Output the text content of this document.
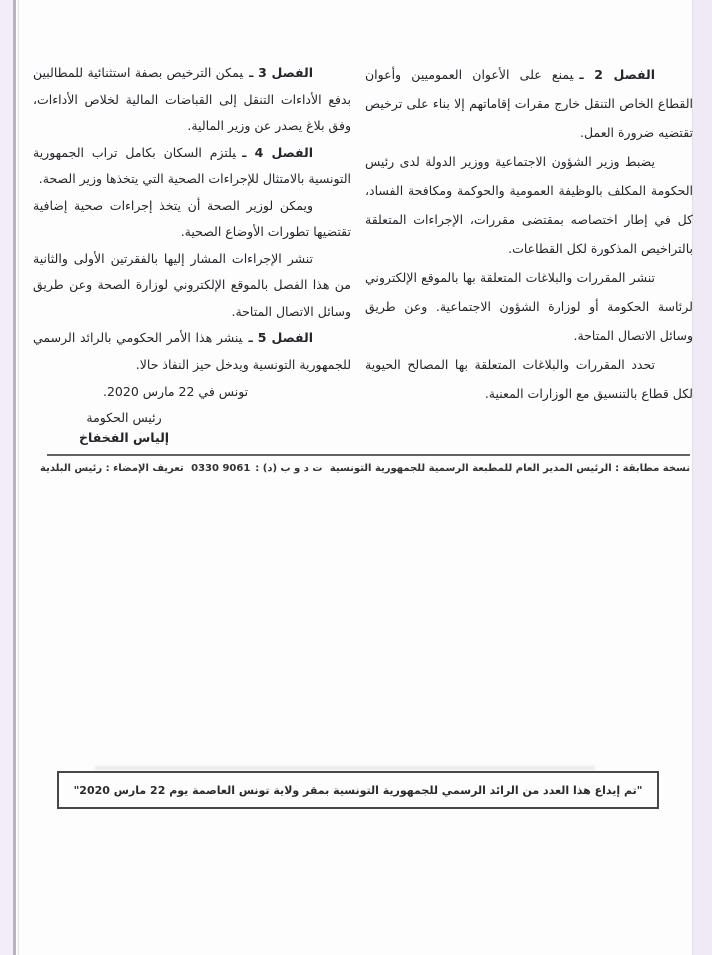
الفصل 2 ـيمنع على الأعوان العموميين وأعوان القطاع الخاص التنقل خارج مقرات إقاماتهم إلا بناء على ترخيص تقتضيه ضرورة العمل.

يضبط وزير الشؤون الاجتماعية ووزير الدولة لدى رئيس الحكومة المكلف بالوظيفة العمومية والحوكمة ومكافحة الفساد، كل في إطار اختصاصه بمقتضى مقررات، الإجراءات المتعلقة بالتراخيص المذكورة لكل القطاعات.

تنشر المقررات والبلاغات المتعلقة بها بالموقع الإلكتروني لرئاسة الحكومة أو لوزارة الشؤون الاجتماعية. وعن طريق وسائل الاتصال المتاحة.

تحدد المقررات والبلاغات المتعلقة بها المصالح الحيوية لكل قطاع بالتنسيق مع الوزارات المعنية.

الفصل 3 ـيمكن الترخيص بصفة استثنائية للمطالبين بدفع الأداءات التنقل إلى القباضات المالية لخلاص الأداءات، وفق بلاغ يصدر عن وزير المالية.

الفصل 4 ـيلتزم السكان بكامل تراب الجمهورية التونسية بالامتثال للإجراءات الصحية التي يتخذها وزير الصحة.

ويمكن لوزير الصحة أن يتخذ إجراءات صحية إضافية تقتضيها تطورات الأوضاع الصحية.

تنشر الإجراءات المشار إليها بالفقرتين الأولى والثانية من هذا الفصل بالموقع الإلكتروني لوزارة الصحة وعن طريق وسائل الاتصال المتاحة.

الفصل 5 ـينشر هذا الأمر الحكومي بالرائد الرسمي للجمهورية التونسية ويدخل حيز النفاذ حالا.

تونس في 22 مارس 2020.

رئيس الحكومة
إلياس الفخفاخ
نسخة مطابقة : الرئيس المدير العام للمطبعة الرسمية للجمهورية التونسية
ت د و ب (د) :
0330 9061
تعريف الإمضاء : رئيس البلدية
"تم إيداع هذا العدد من الرائد الرسمي للجمهورية التونسية بمقر ولاية تونس العاصمة يوم 22 مارس 2020"
